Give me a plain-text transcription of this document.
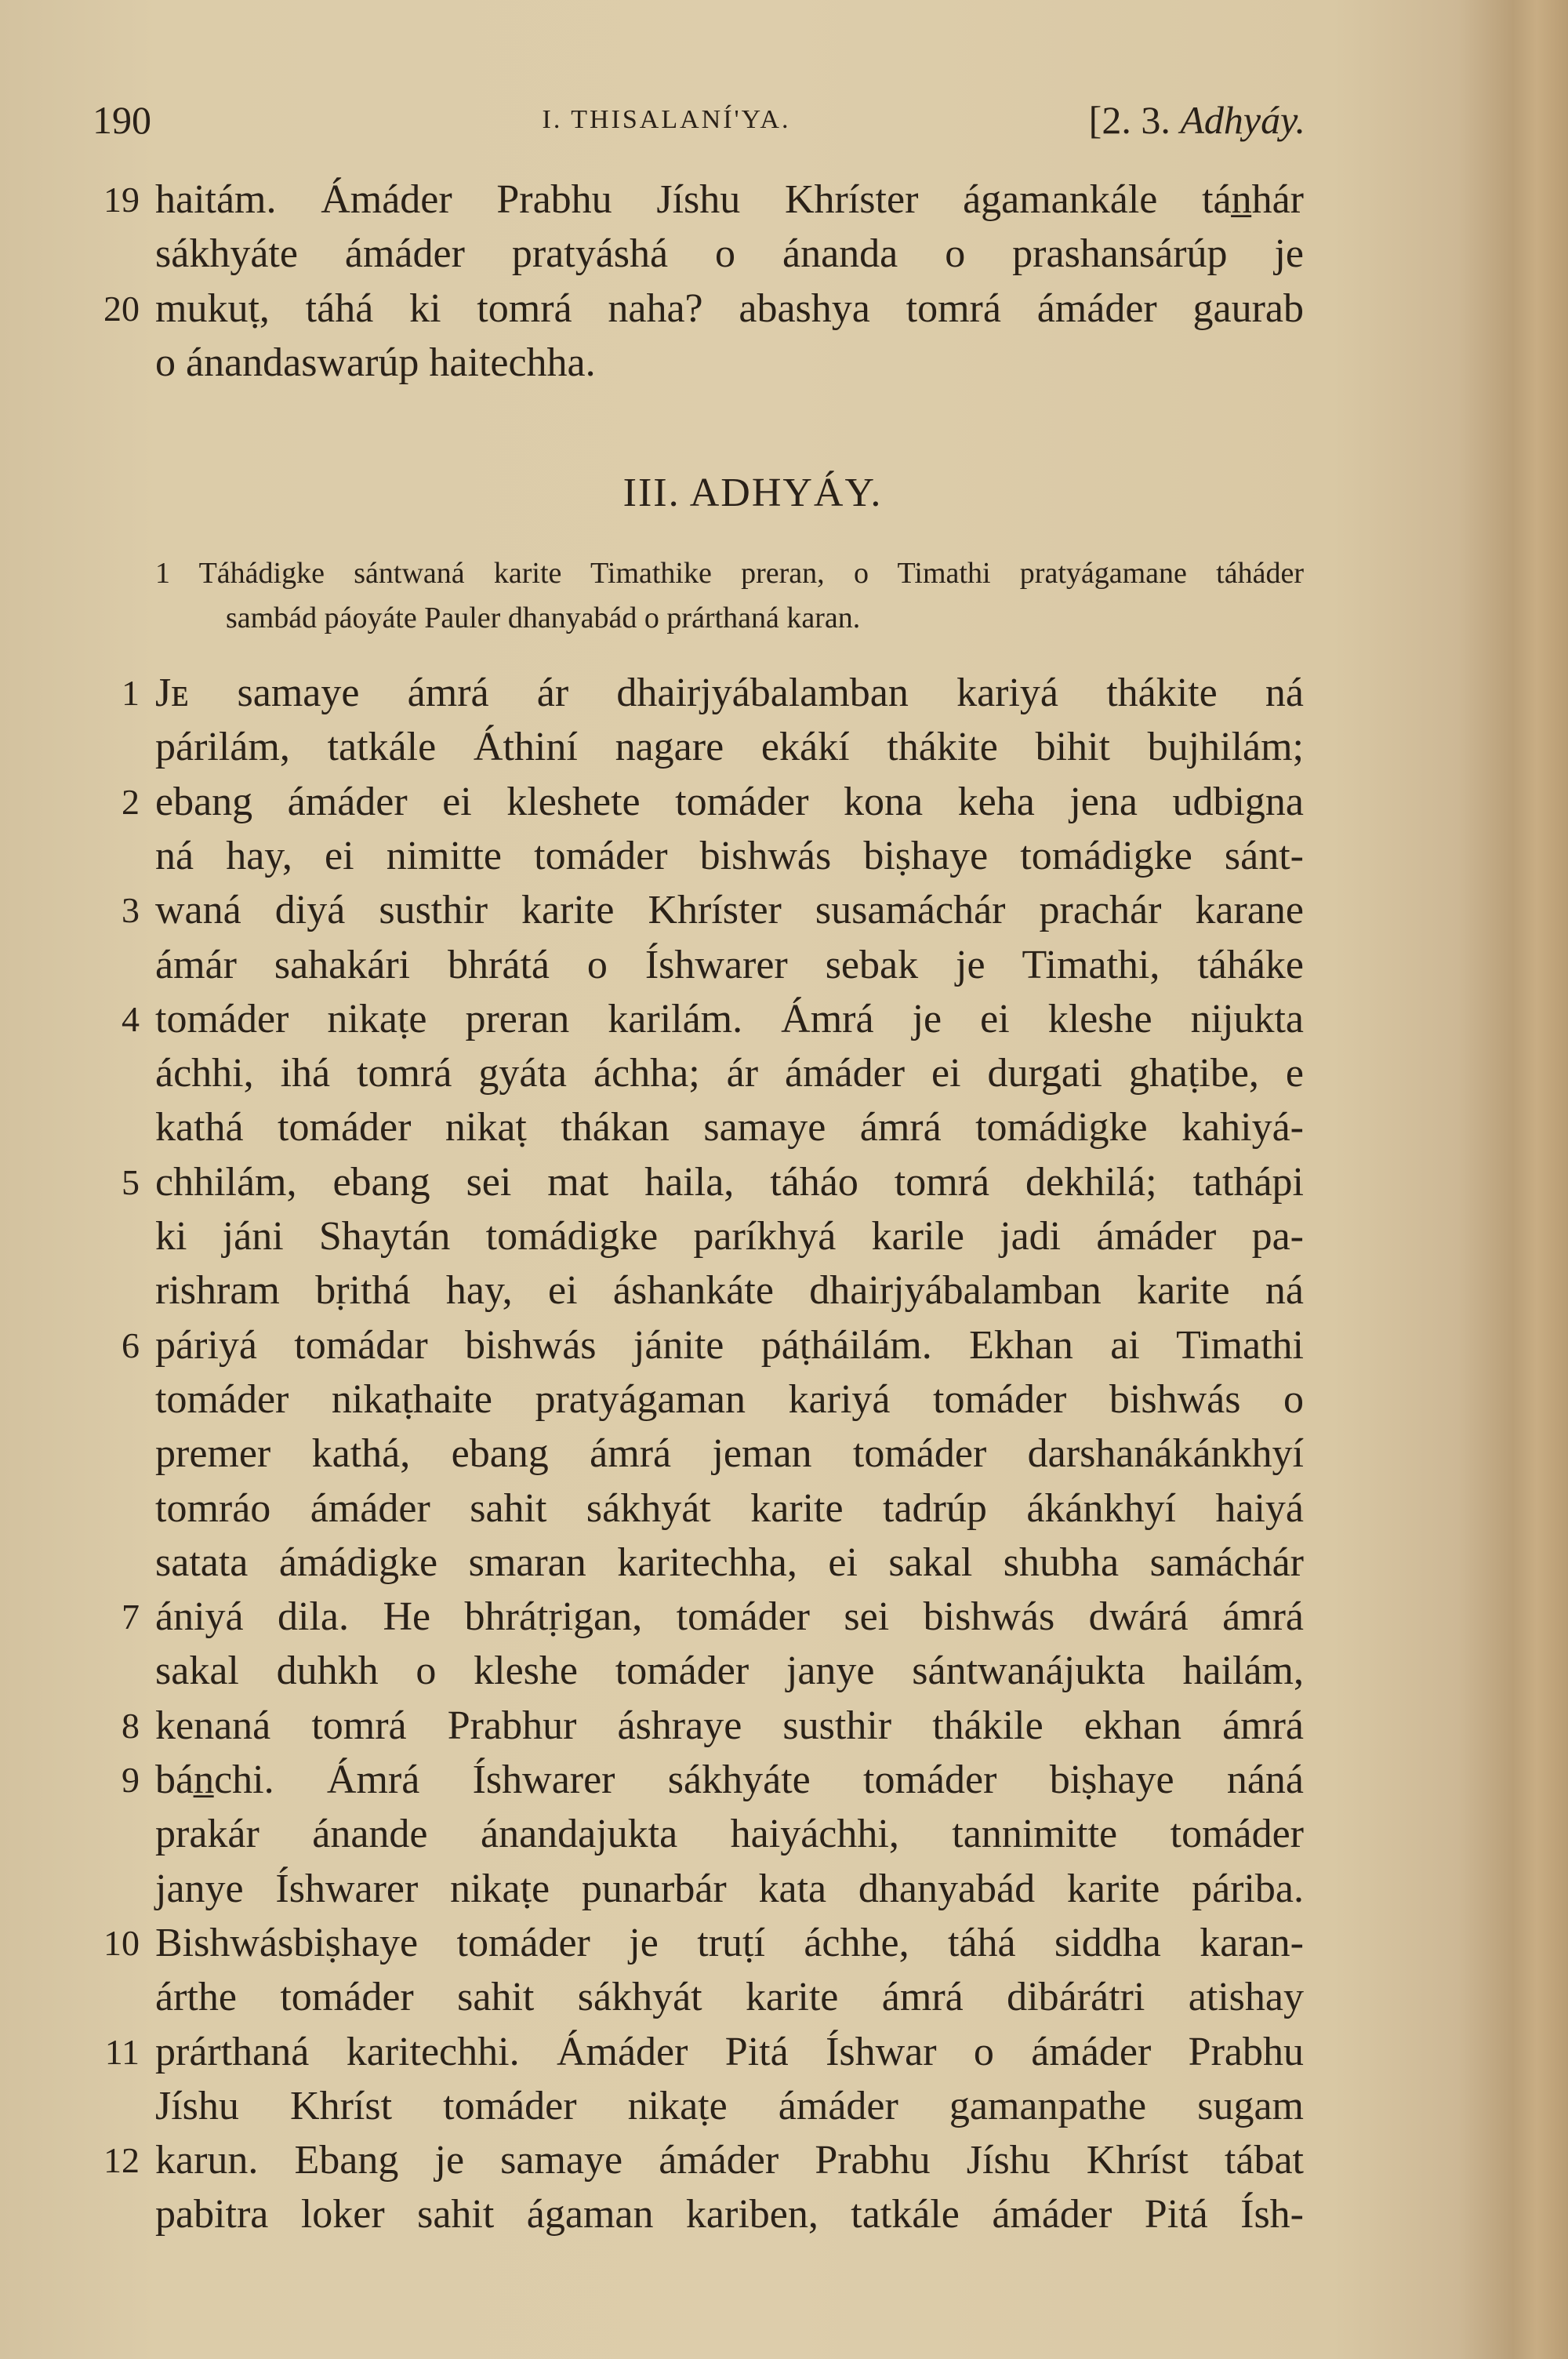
190	I. THISALANÍ'YA.	[2. 3. Adhyáy.
19 haitám. Ámáder Prabhu Jíshu Khríster ágamankále tán̲hár
sákhyáte ámáder pratyáshá o ánanda o prashansárúp je
20 mukuṭ, táhá ki tomrá naha? abashya tomrá ámáder gaurab
o ánandaswarúp haitechha.
III. ADHYÁY.
1 Táhádigke sántwaná karite Timathike preran, o Timathi pratyágamane táháder
sambád páoyáte Pauler dhanyabád o prárthaná karan.
1 Jᴇ samaye ámrá ár dhairjyábalamban kariyá thákite ná
párilám, tatkále Áthiní nagare ekákí thákite bihit bujhilám;
2 ebang ámáder ei kleshete tomáder kona keha jena udbigna
ná hay, ei nimitte tomáder bishwás biṣhaye tomádigke sánt-
3 waná diyá susthir karite Khríster susamáchár prachár karane
ámár sahakári bhrátá o Íshwarer sebak je Timathi, táháke
4 tomáder nikaṭe preran karilám. Ámrá je ei kleshe nijukta
áchhi, ihá tomrá gyáta áchha; ár ámáder ei durgati ghaṭibe, e
kathá tomáder nikaṭ thákan samaye ámrá tomádigke kahiyá-
5 chhilám, ebang sei mat haila, táháo tomrá dekhilá; tathápi
ki jáni Shaytán tomádigke paríkhyá karile jadi ámáder pa-
rishram bṛithá hay, ei áshankáte dhairjyábalamban karite ná
6 páriyá tomádar bishwás jánite páṭháilám. Ekhan ai Timathi
tomáder nikaṭhaite pratyágaman kariyá tomáder bishwás o
premer kathá, ebang ámrá jeman tomáder darshanákánkhyí
tomráo ámáder sahit sákhyát karite tadrúp ákánkhyí haiyá
satata ámádigke smaran karitechha, ei sakal shubha samáchár
7 ániyá dila. He bhrátṛigan, tomáder sei bishwás dwárá ámrá
sakal duhkh o kleshe tomáder janye sántwanájukta hailám,
8 kenaná tomrá Prabhur áshraye susthir thákile ekhan ámrá
9 bán̲chi. Ámrá Íshwarer sákhyáte tomáder biṣhaye náná
prakár ánande ánandajukta haiyáchhi, tannimitte tomáder
janye Íshwarer nikaṭe punarbár kata dhanyabád karite páriba.
10 Bishwásbiṣhaye tomáder je truṭí áchhe, táhá siddha karan-
árthe tomáder sahit sákhyát karite ámrá dibárátri atishay
11 prárthaná karitechhi. Ámáder Pitá Íshwar o ámáder Prabhu
Jíshu Khríst tomáder nikaṭe ámáder gamanpathe sugam
12 karun. Ebang je samaye ámáder Prabhu Jíshu Khríst tábat
pabitra loker sahit ágaman kariben, tatkále ámáder Pitá Ísh-
